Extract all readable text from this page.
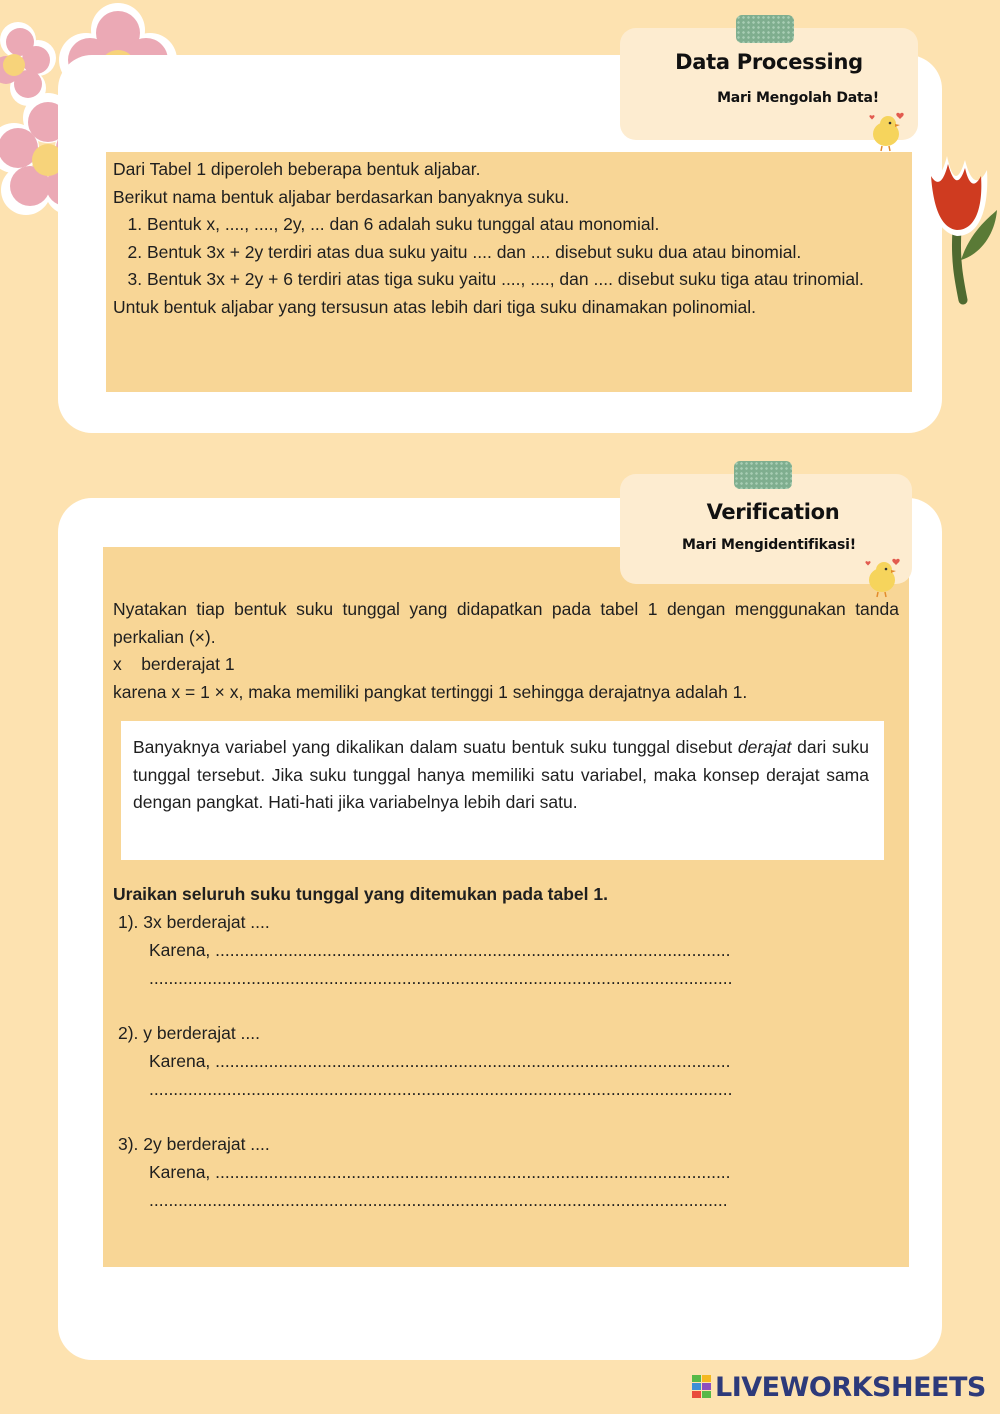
Data Processing
Mari Mengolah Data!

Dari Tabel 1 diperoleh beberapa bentuk aljabar.

Berikut nama bentuk aljabar berdasarkan banyaknya suku.

1. Bentuk x, ...., ...., 2y, ... dan 6 adalah suku tunggal atau monomial.
2. Bentuk 3x + 2y terdiri atas dua suku yaitu .... dan .... disebut suku dua atau binomial.
3. Bentuk 3x + 2y + 6 terdiri atas tiga suku yaitu ...., ...., dan .... disebut suku tiga atau trinomial.

Untuk bentuk aljabar yang tersusun atas lebih dari tiga suku dinamakan polinomial.

Verification
Mari Mengidentifikasi!

Nyatakan tiap bentuk suku tunggal yang didapatkan pada tabel 1 dengan menggunakan tanda perkalian (×).

x berderajat 1

karena x = 1 × x, maka memiliki pangkat tertinggi 1 sehingga derajatnya adalah 1.

Banyaknya variabel yang dikalikan dalam suatu bentuk suku tunggal disebut derajat dari suku tunggal tersebut. Jika suku tunggal hanya memiliki satu variabel, maka konsep derajat sama dengan pangkat. Hati-hati jika variabelnya lebih dari satu.

Uraikan seluruh suku tunggal yang ditemukan pada tabel 1.

1). 3x berderajat ....
Karena, ..........................................................................................................
........................................................................................................................
2). y berderajat ....
Karena, ..........................................................................................................
........................................................................................................................
3). 2y berderajat ....
Karena, ..........................................................................................................
.......................................................................................................................
LIVEWORKSHEETS
